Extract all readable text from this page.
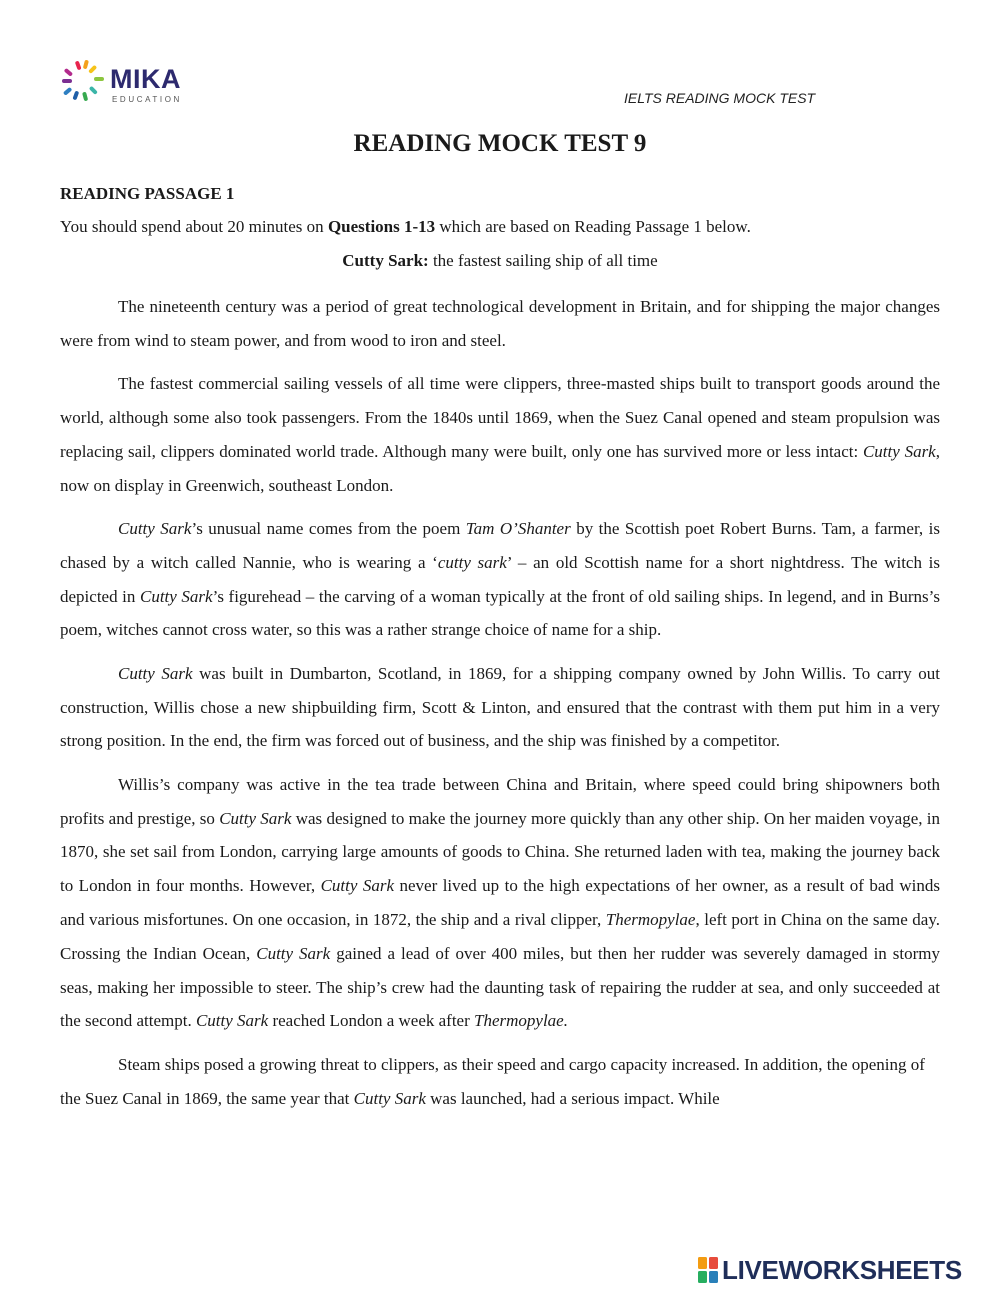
MIKA
EDUCATION	IELTS READING MOCK TEST
READING MOCK TEST 9
READING PASSAGE 1
You should spend about 20 minutes on Questions 1-13 which are based on Reading Passage 1 below.
Cutty Sark: the fastest sailing ship of all time

The nineteenth century was a period of great technological development in Britain, and for shipping the major changes were from wind to steam power, and from wood to iron and steel.

The fastest commercial sailing vessels of all time were clippers, three-masted ships built to transport goods around the world, although some also took passengers. From the 1840s until 1869, when the Suez Canal opened and steam propulsion was replacing sail, clippers dominated world trade. Although many were built, only one has survived more or less intact: Cutty Sark, now on display in Greenwich, southeast London.

Cutty Sark’s unusual name comes from the poem Tam O’Shanter by the Scottish poet Robert Burns. Tam, a farmer, is chased by a witch called Nannie, who is wearing a ‘cutty sark’ – an old Scottish name for a short nightdress. The witch is depicted in Cutty Sark’s figurehead – the carving of a woman typically at the front of old sailing ships. In legend, and in Burns’s poem, witches cannot cross water, so this was a rather strange choice of name for a ship.

Cutty Sark was built in Dumbarton, Scotland, in 1869, for a shipping company owned by John Willis. To carry out construction, Willis chose a new shipbuilding firm, Scott & Linton, and ensured that the contrast with them put him in a very strong position. In the end, the firm was forced out of business, and the ship was finished by a competitor.

Willis’s company was active in the tea trade between China and Britain, where speed could bring shipowners both profits and prestige, so Cutty Sark was designed to make the journey more quickly than any other ship. On her maiden voyage, in 1870, she set sail from London, carrying large amounts of goods to China. She returned laden with tea, making the journey back to London in four months. However, Cutty Sark never lived up to the high expectations of her owner, as a result of bad winds and various misfortunes. On one occasion, in 1872, the ship and a rival clipper, Thermopylae, left port in China on the same day. Crossing the Indian Ocean, Cutty Sark gained a lead of over 400 miles, but then her rudder was severely damaged in stormy seas, making her impossible to steer. The ship’s crew had the daunting task of repairing the rudder at sea, and only succeeded at the second attempt. Cutty Sark reached London a week after Thermopylae.

Steam ships posed a growing threat to clippers, as their speed and cargo capacity increased. In addition, the opening of the Suez Canal in 1869, the same year that Cutty Sark was launched, had a serious impact. While

LIVEWORKSHEETS
